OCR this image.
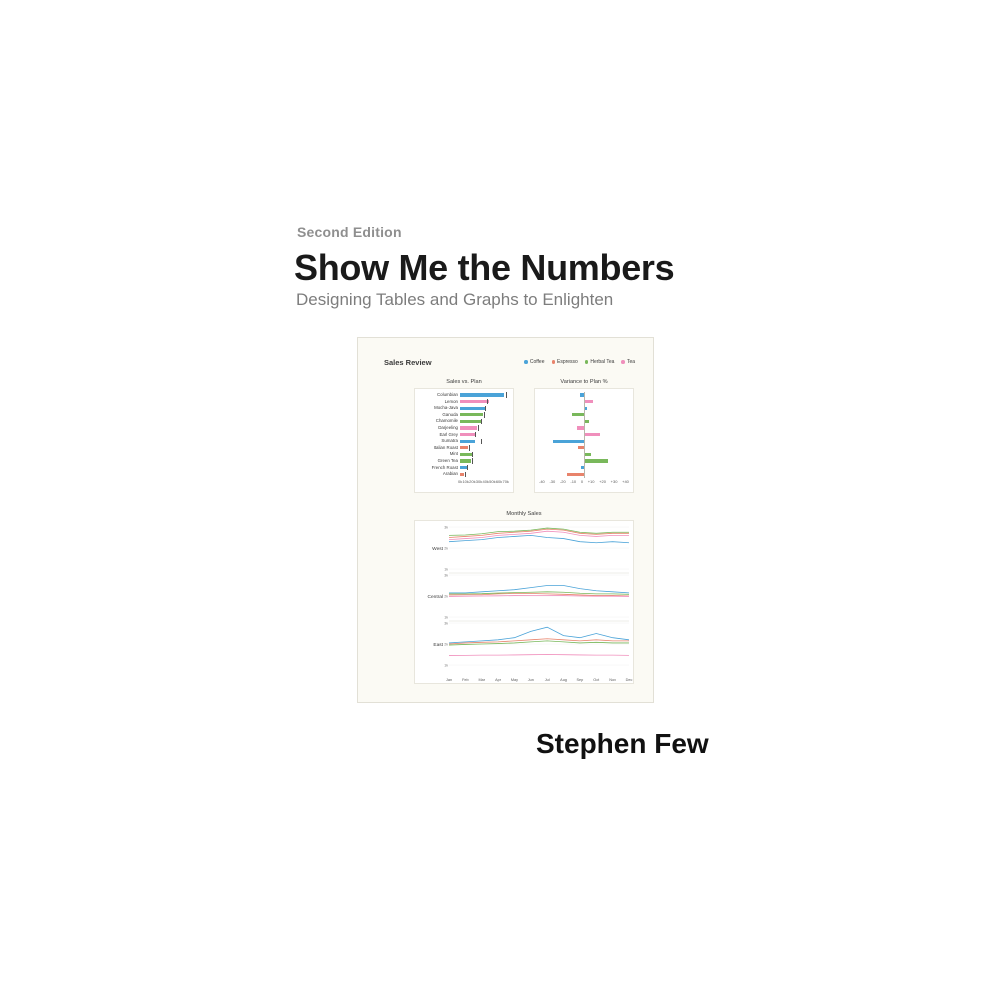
Second Edition
Show Me the Numbers
Designing Tables and Graphs to Enlighten
Stephen Few
Sales Review	Coffee	Espresso	Herbal Tea	Tea
Sales vs. Plan
Columbian
Lemon
Mocha-Java
Ganuda
Chamomile
Darjeeling
Earl Grey
Sumatra
Italian Roast
Mint
Green Tea
French Roast
Arabian
0k 10k 20k 30k 40k 50k 60k 70k
Variance to Plan %
-40 -30 -20 -10 0 +10 +20 +30 +40
Monthly Sales
West
3k
2k
1k
Central
3k
2k
1k
East
3k
2k
1k
Jan	Feb	Mar	Apr	May	Jun	Jul	Aug	Sep	Oct	Nov	Dec
